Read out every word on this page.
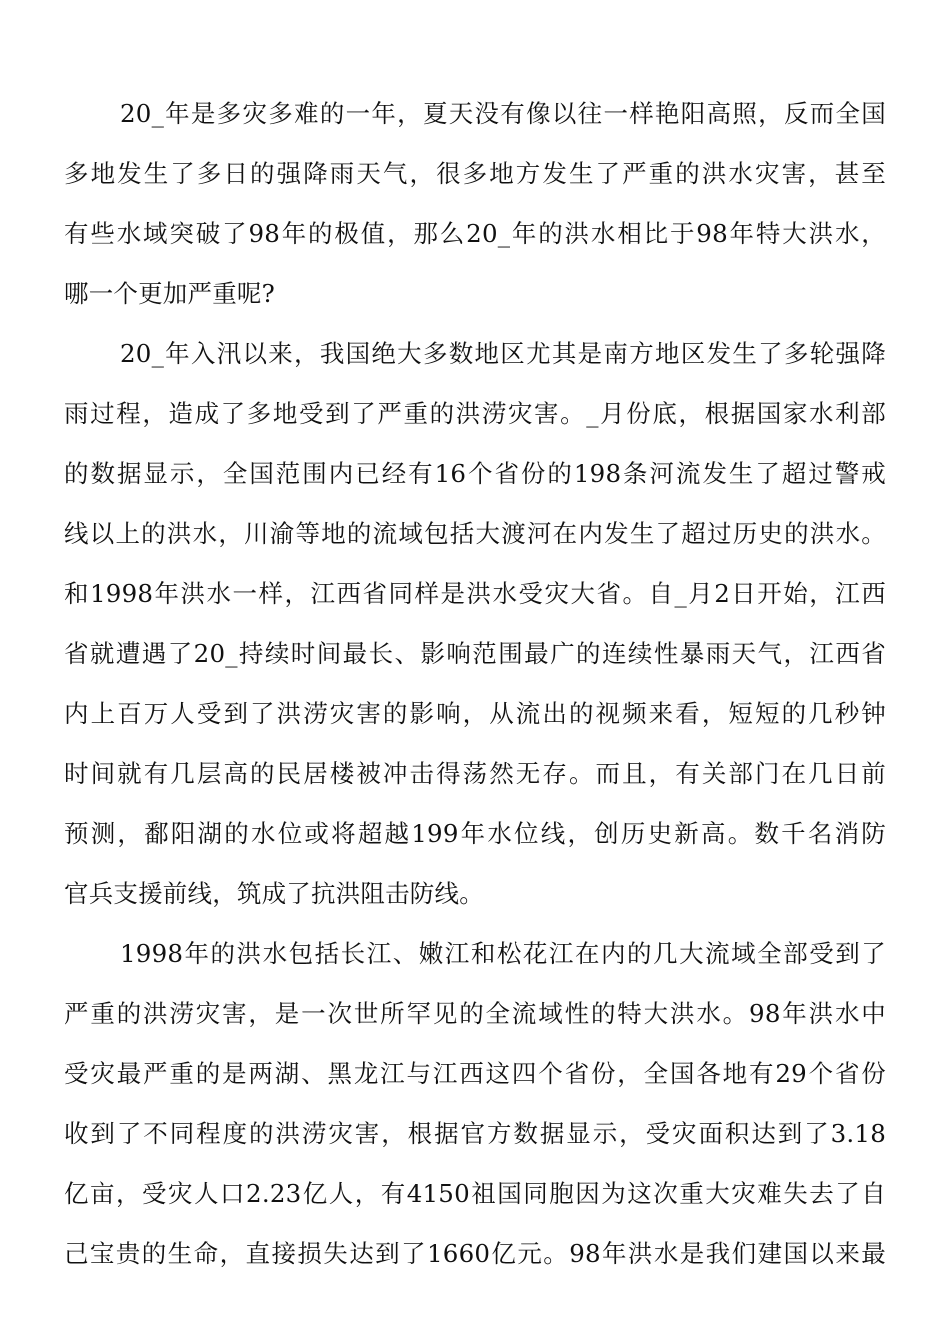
20_年是多灾多难的一年，夏天没有像以往一样艳阳高照，反而全国
多地发生了多日的强降雨天气，很多地方发生了严重的洪水灾害，甚至
有些水域突破了98年的极值，那么20_年的洪水相比于98年特大洪水，
哪一个更加严重呢?
20_年入汛以来，我国绝大多数地区尤其是南方地区发生了多轮强降
雨过程，造成了多地受到了严重的洪涝灾害。_月份底，根据国家水利部
的数据显示，全国范围内已经有16个省份的198条河流发生了超过警戒
线以上的洪水，川渝等地的流域包括大渡河在内发生了超过历史的洪水。
和1998年洪水一样，江西省同样是洪水受灾大省。自_月2日开始，江西
省就遭遇了20_持续时间最长、影响范围最广的连续性暴雨天气，江西省
内上百万人受到了洪涝灾害的影响，从流出的视频来看，短短的几秒钟
时间就有几层高的民居楼被冲击得荡然无存。而且，有关部门在几日前
预测，鄱阳湖的水位或将超越199年水位线，创历史新高。数千名消防
官兵支援前线，筑成了抗洪阻击防线。
1998年的洪水包括长江、嫩江和松花江在内的几大流域全部受到了
严重的洪涝灾害，是一次世所罕见的全流域性的特大洪水。98年洪水中
受灾最严重的是两湖、黑龙江与江西这四个省份，全国各地有29个省份
收到了不同程度的洪涝灾害，根据官方数据显示，受灾面积达到了3.18
亿亩，受灾人口2.23亿人，有4150祖国同胞因为这次重大灾难失去了自
己宝贵的生命，直接损失达到了1660亿元。98年洪水是我们建国以来最
